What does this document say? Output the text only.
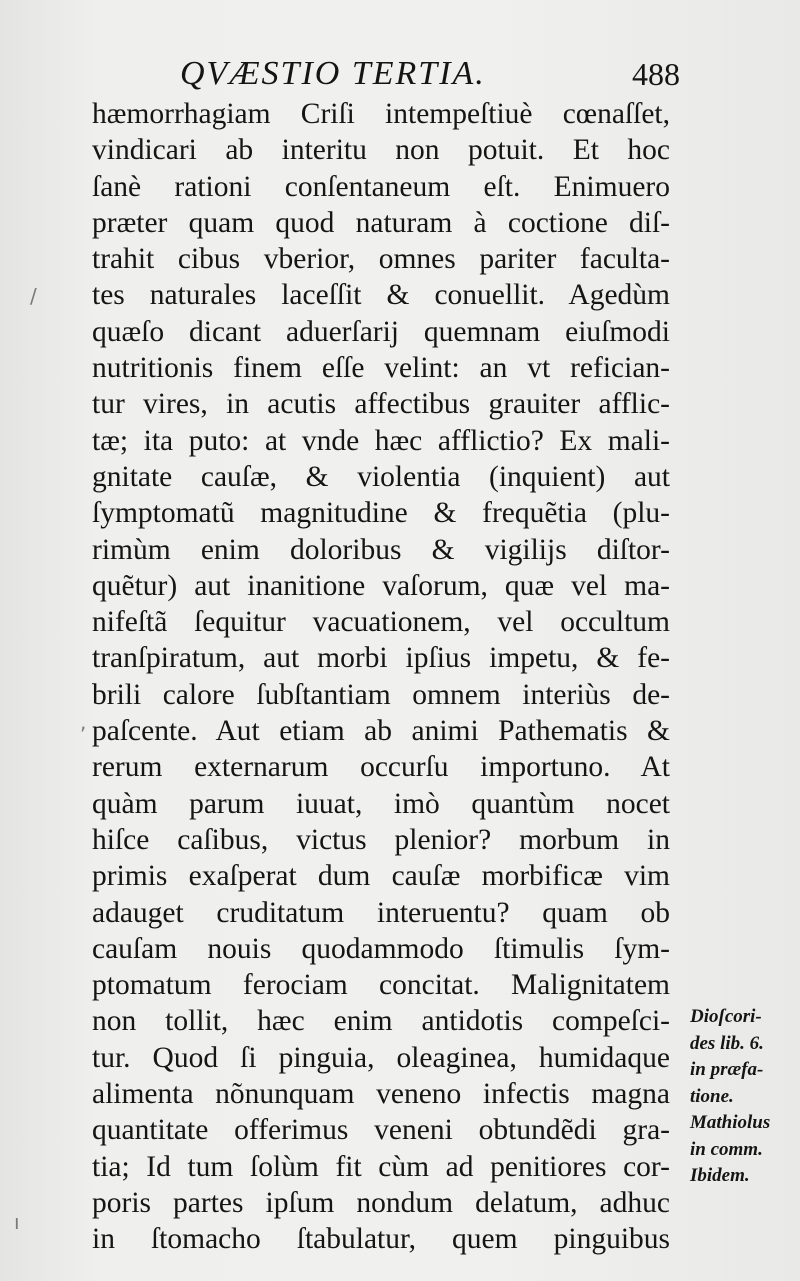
QVÆSTIO TERTIA.	488
hæmorrhagiam Criſi intempeſtiuè cœnaſſet,
vindicari ab interitu non potuit. Et hoc
ſanè rationi conſentaneum eſt. Enimuero
præter quam quod naturam à coctione diſ-
trahit cibus vberior, omnes pariter faculta-
tes naturales laceſſit & conuellit. Agedùm
quæſo dicant aduerſarij quemnam eiuſmodi
nutritionis finem eſſe velint: an vt refician-
tur vires, in acutis affectibus grauiter afflic-
tæ; ita puto: at vnde hæc afflictio? Ex mali-
gnitate cauſæ, & violentia (inquient) aut
ſymptomatũ magnitudine & frequẽtia (plu-
rimùm enim doloribus & vigilijs diſtor-
quẽtur) aut inanitione vaſorum, quæ vel ma-
nifeſtã ſequitur vacuationem, vel occultum
tranſpiratum, aut morbi ipſius impetu, & fe-
brili calore ſubſtantiam omnem interiùs de-
paſcente. Aut etiam ab animi Pathematis &
rerum externarum occurſu importuno. At
quàm parum iuuat, imò quantùm nocet
hiſce caſibus, victus plenior? morbum in
primis exaſperat dum cauſæ morbificæ vim
adauget cruditatum interuentu? quam ob
cauſam nouis quodammodo ſtimulis ſym-
ptomatum ferociam concitat. Malignitatem
non tollit, hæc enim antidotis compeſci-
tur. Quod ſi pinguia, oleaginea, humidaque
alimenta nõnunquam veneno infectis magna
quantitate offerimus veneni obtundẽdi gra-
tia; Id tum ſolùm fit cùm ad penitiores cor-
poris partes ipſum nondum delatum, adhuc
in ſtomacho ſtabulatur, quem pinguibus
Dioſcori-
des lib. 6.
in præfa-
tione.
Mathiolus
in comm.
Ibidem.
/
,
ı
